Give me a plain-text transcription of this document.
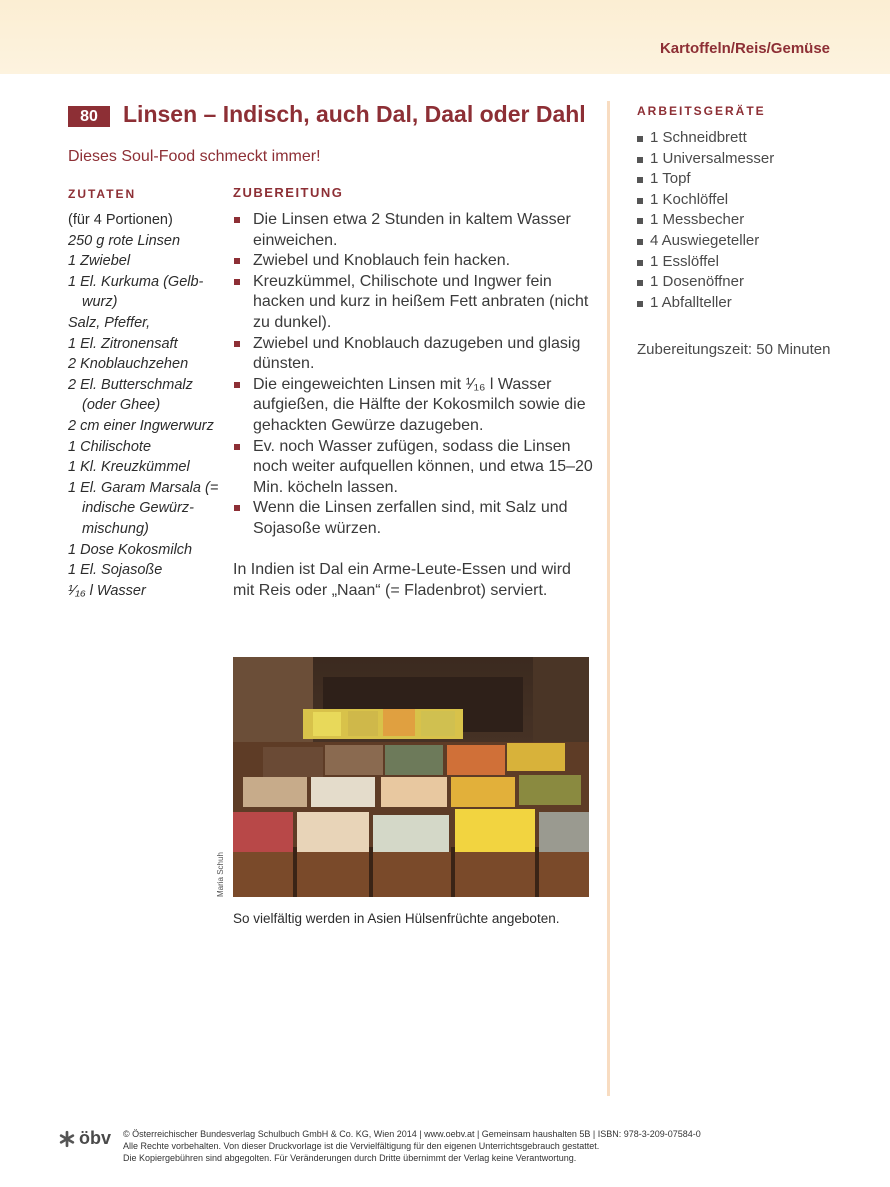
Kartoffeln/Reis/Gemüse
80	Linsen – Indisch, auch Dal, Daal oder Dahl
Dieses Soul-Food schmeckt immer!
ZUTATEN
(für 4 Portionen)
250 g rote Linsen
1 Zwiebel
1 El. Kurkuma (Gelb- wurz)
Salz, Pfeffer,
1 El. Zitronensaft
2 Knoblauchzehen
2 El. Butterschmalz (oder Ghee)
2 cm einer Ingwerwurz
1 Chilischote
1 Kl. Kreuzkümmel
1 El. Garam Marsala (= indische Gewürz- mischung)
1 Dose Kokosmilch
1 El. Sojasoße
¹⁄₁₆ l Wasser
ZUBEREITUNG
Die Linsen etwa 2 Stunden in kaltem Wasser einweichen.
Zwiebel und Knoblauch fein hacken.
Kreuzkümmel, Chilischote und Ingwer fein hacken und kurz in heißem Fett anbraten (nicht zu dunkel).
Zwiebel und Knoblauch dazugeben und glasig dünsten.
Die eingeweichten Linsen mit ¹⁄₁₆ l Wasser aufgießen, die Hälfte der Kokosmilch sowie die gehackten Gewürze dazugeben.
Ev. noch Wasser zufügen, sodass die Linsen noch weiter aufquellen können, und etwa 15–20 Min. köcheln lassen.
Wenn die Linsen zerfallen sind, mit Salz und Sojasoße würzen.

In Indien ist Dal ein Arme-Leute-Essen und wird mit Reis oder „Naan“ (= Fladenbrot) serviert.

Maria Schuh
So vielfältig werden in Asien Hülsenfrüchte angeboten.
ARBEITSGERÄTE
1 Schneidbrett
1 Universalmesser
1 Topf
1 Kochlöffel
1 Messbecher
4 Auswiegeteller
1 Esslöffel
1 Dosenöffner
1 Abfallteller
Zubereitungszeit: 50 Minuten
öbv © Österreichischer Bundesverlag Schulbuch GmbH & Co. KG, Wien 2014 | www.oebv.at | Gemeinsam haushalten 5B | ISBN: 978-3-209-07584-0
Alle Rechte vorbehalten. Von dieser Druckvorlage ist die Vervielfältigung für den eigenen Unterrichtsgebrauch gestattet.
Die Kopiergebühren sind abgegolten. Für Veränderungen durch Dritte übernimmt der Verlag keine Verantwortung.
